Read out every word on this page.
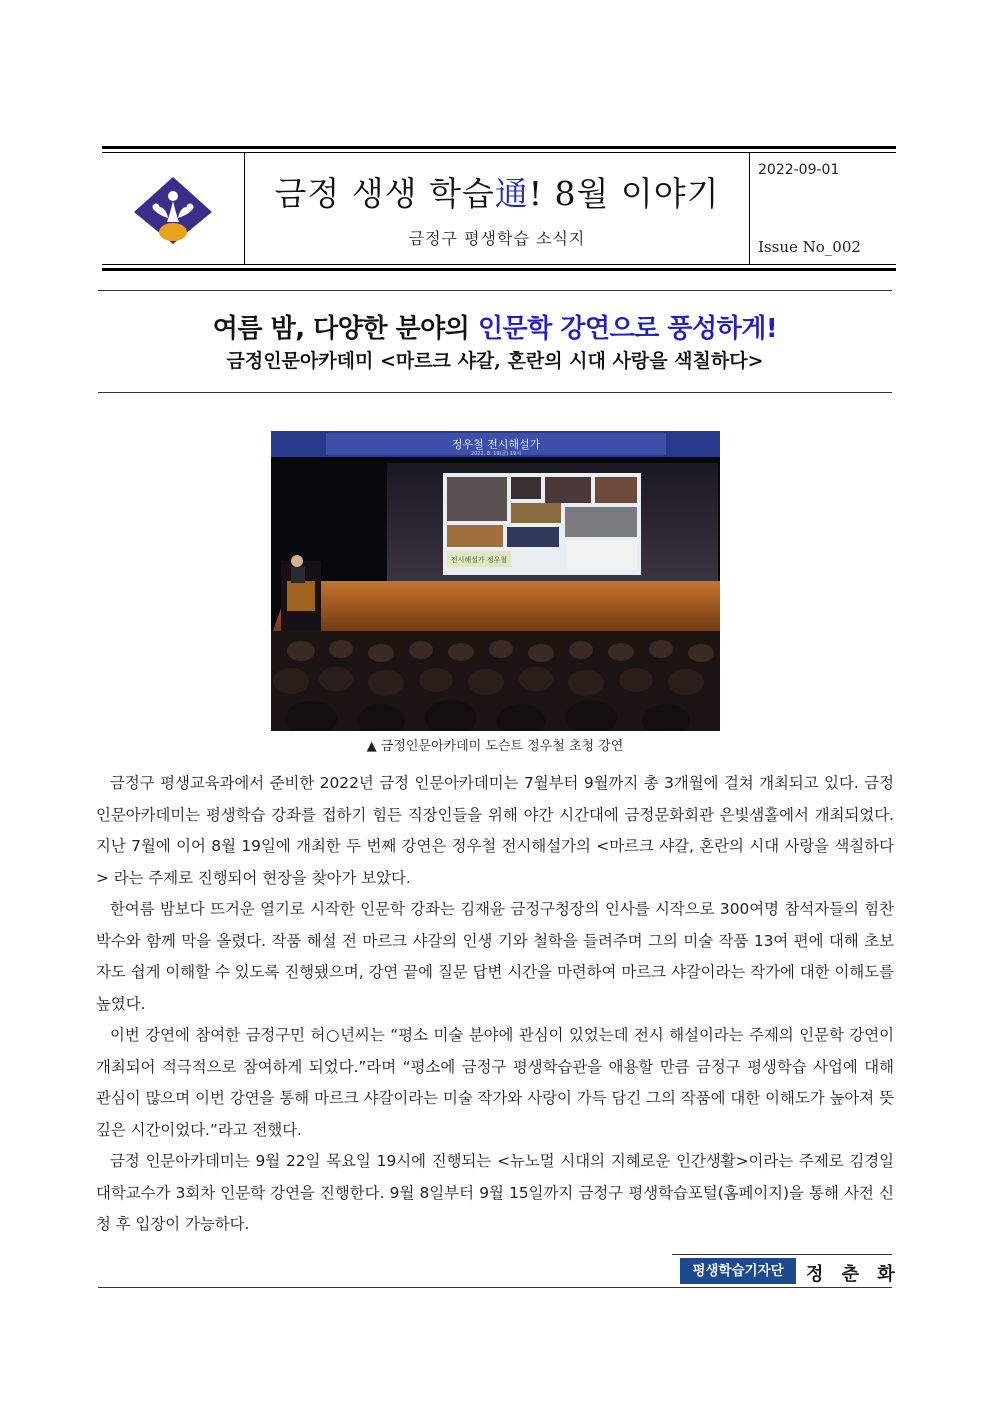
금정 생생 학습通! 8월 이야기
금정구 평생학습 소식지
2022-09-01
Issue No_002
여름 밤, 다양한 분야의 인문학 강연으로 풍성하게!
금정인문아카데미 <마르크 샤갈, 혼란의 시대 사랑을 색칠하다>
정우철 전시해설가
2022. 8. 19(금) 19시
전시해설가 정우철
▲ 금정인문아카데미 도슨트 정우철 초청 강연

금정구 평생교육과에서 준비한 2022년 금정 인문아카데미는 7월부터 9월까지 총 3개월에 걸쳐 개최되고 있다. 금정 인문아카데미는 평생학습 강좌를 접하기 힘든 직장인들을 위해 야간 시간대에 금정문화회관 은빛샘홀에서 개최되었다. 지난 7월에 이어 8월 19일에 개최한 두 번째 강연은 정우철 전시해설가의 <마르크 샤갈, 혼란의 시대 사랑을 색칠하다> 라는 주제로 진행되어 현장을 찾아가 보았다.

한여름 밤보다 뜨거운 열기로 시작한 인문학 강좌는 김재윤 금정구청장의 인사를 시작으로 300여명 참석자들의 힘찬 박수와 함께 막을 올렸다. 작품 해설 전 마르크 샤갈의 인생 기와 철학을 들려주며 그의 미술 작품 13여 편에 대해 초보자도 쉽게 이해할 수 있도록 진행됐으며, 강연 끝에 질문 답변 시간을 마련하여 마르크 샤갈이라는 작가에 대한 이해도를 높였다.

이번 강연에 참여한 금정구민 허○년씨는 “평소 미술 분야에 관심이 있었는데 전시 해설이라는 주제의 인문학 강연이 개최되어 적극적으로 참여하게 되었다.”라며 “평소에 금정구 평생학습관을 애용할 만큼 금정구 평생학습 사업에 대해 관심이 많으며 이번 강연을 통해 마르크 샤갈이라는 미술 작가와 사랑이 가득 담긴 그의 작품에 대한 이해도가 높아져 뜻깊은 시간이었다.”라고 전했다.

금정 인문아카데미는 9월 22일 목요일 19시에 진행되는 <뉴노멀 시대의 지혜로운 인간생활>이라는 주제로 김경일 대학교수가 3회차 인문학 강연을 진행한다. 9월 8일부터 9월 15일까지 금정구 평생학습포털(홈페이지)을 통해 사전 신청 후 입장이 가능하다.

평생학습기자단	정 춘 화
